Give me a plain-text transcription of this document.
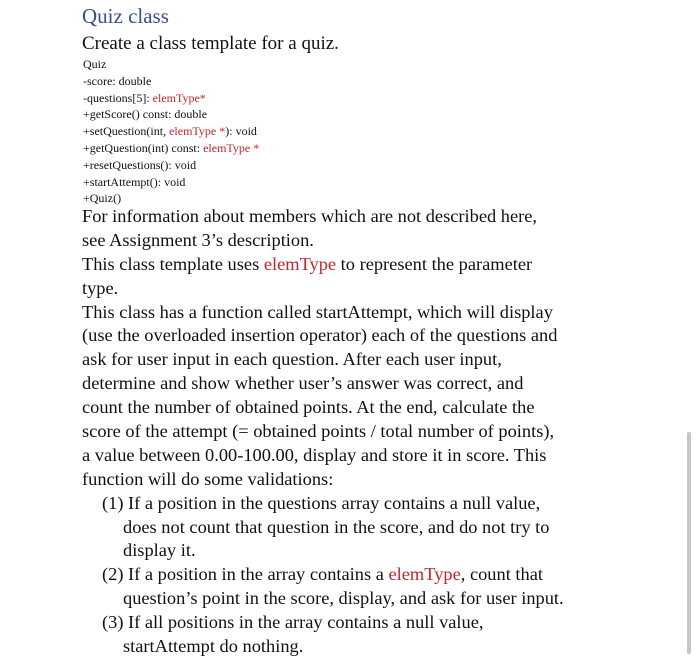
Quiz class
Create a class template for a quiz.
Quiz
-score: double
-questions[5]: elemType*
+getScore() const: double
+setQuestion(int, elemType *): void
+getQuestion(int) const: elemType *
+resetQuestions(): void
+startAttempt(): void
+Quiz()
For information about members which are not described here,
see Assignment 3’s description.
This class template uses elemType to represent the parameter
type.
This class has a function called startAttempt, which will display
(use the overloaded insertion operator) each of the questions and
ask for user input in each question. After each user input,
determine and show whether user’s answer was correct, and
count the number of obtained points. At the end, calculate the
score of the attempt (= obtained points / total number of points),
a value between 0.00-100.00, display and store it in score. This
function will do some validations:
(1) If a position in the questions array contains a null value,
does not count that question in the score, and do not try to
display it.
(2) If a position in the array contains a elemType, count that
question’s point in the score, display, and ask for user input.
(3) If all positions in the array contains a null value,
startAttempt do nothing.
